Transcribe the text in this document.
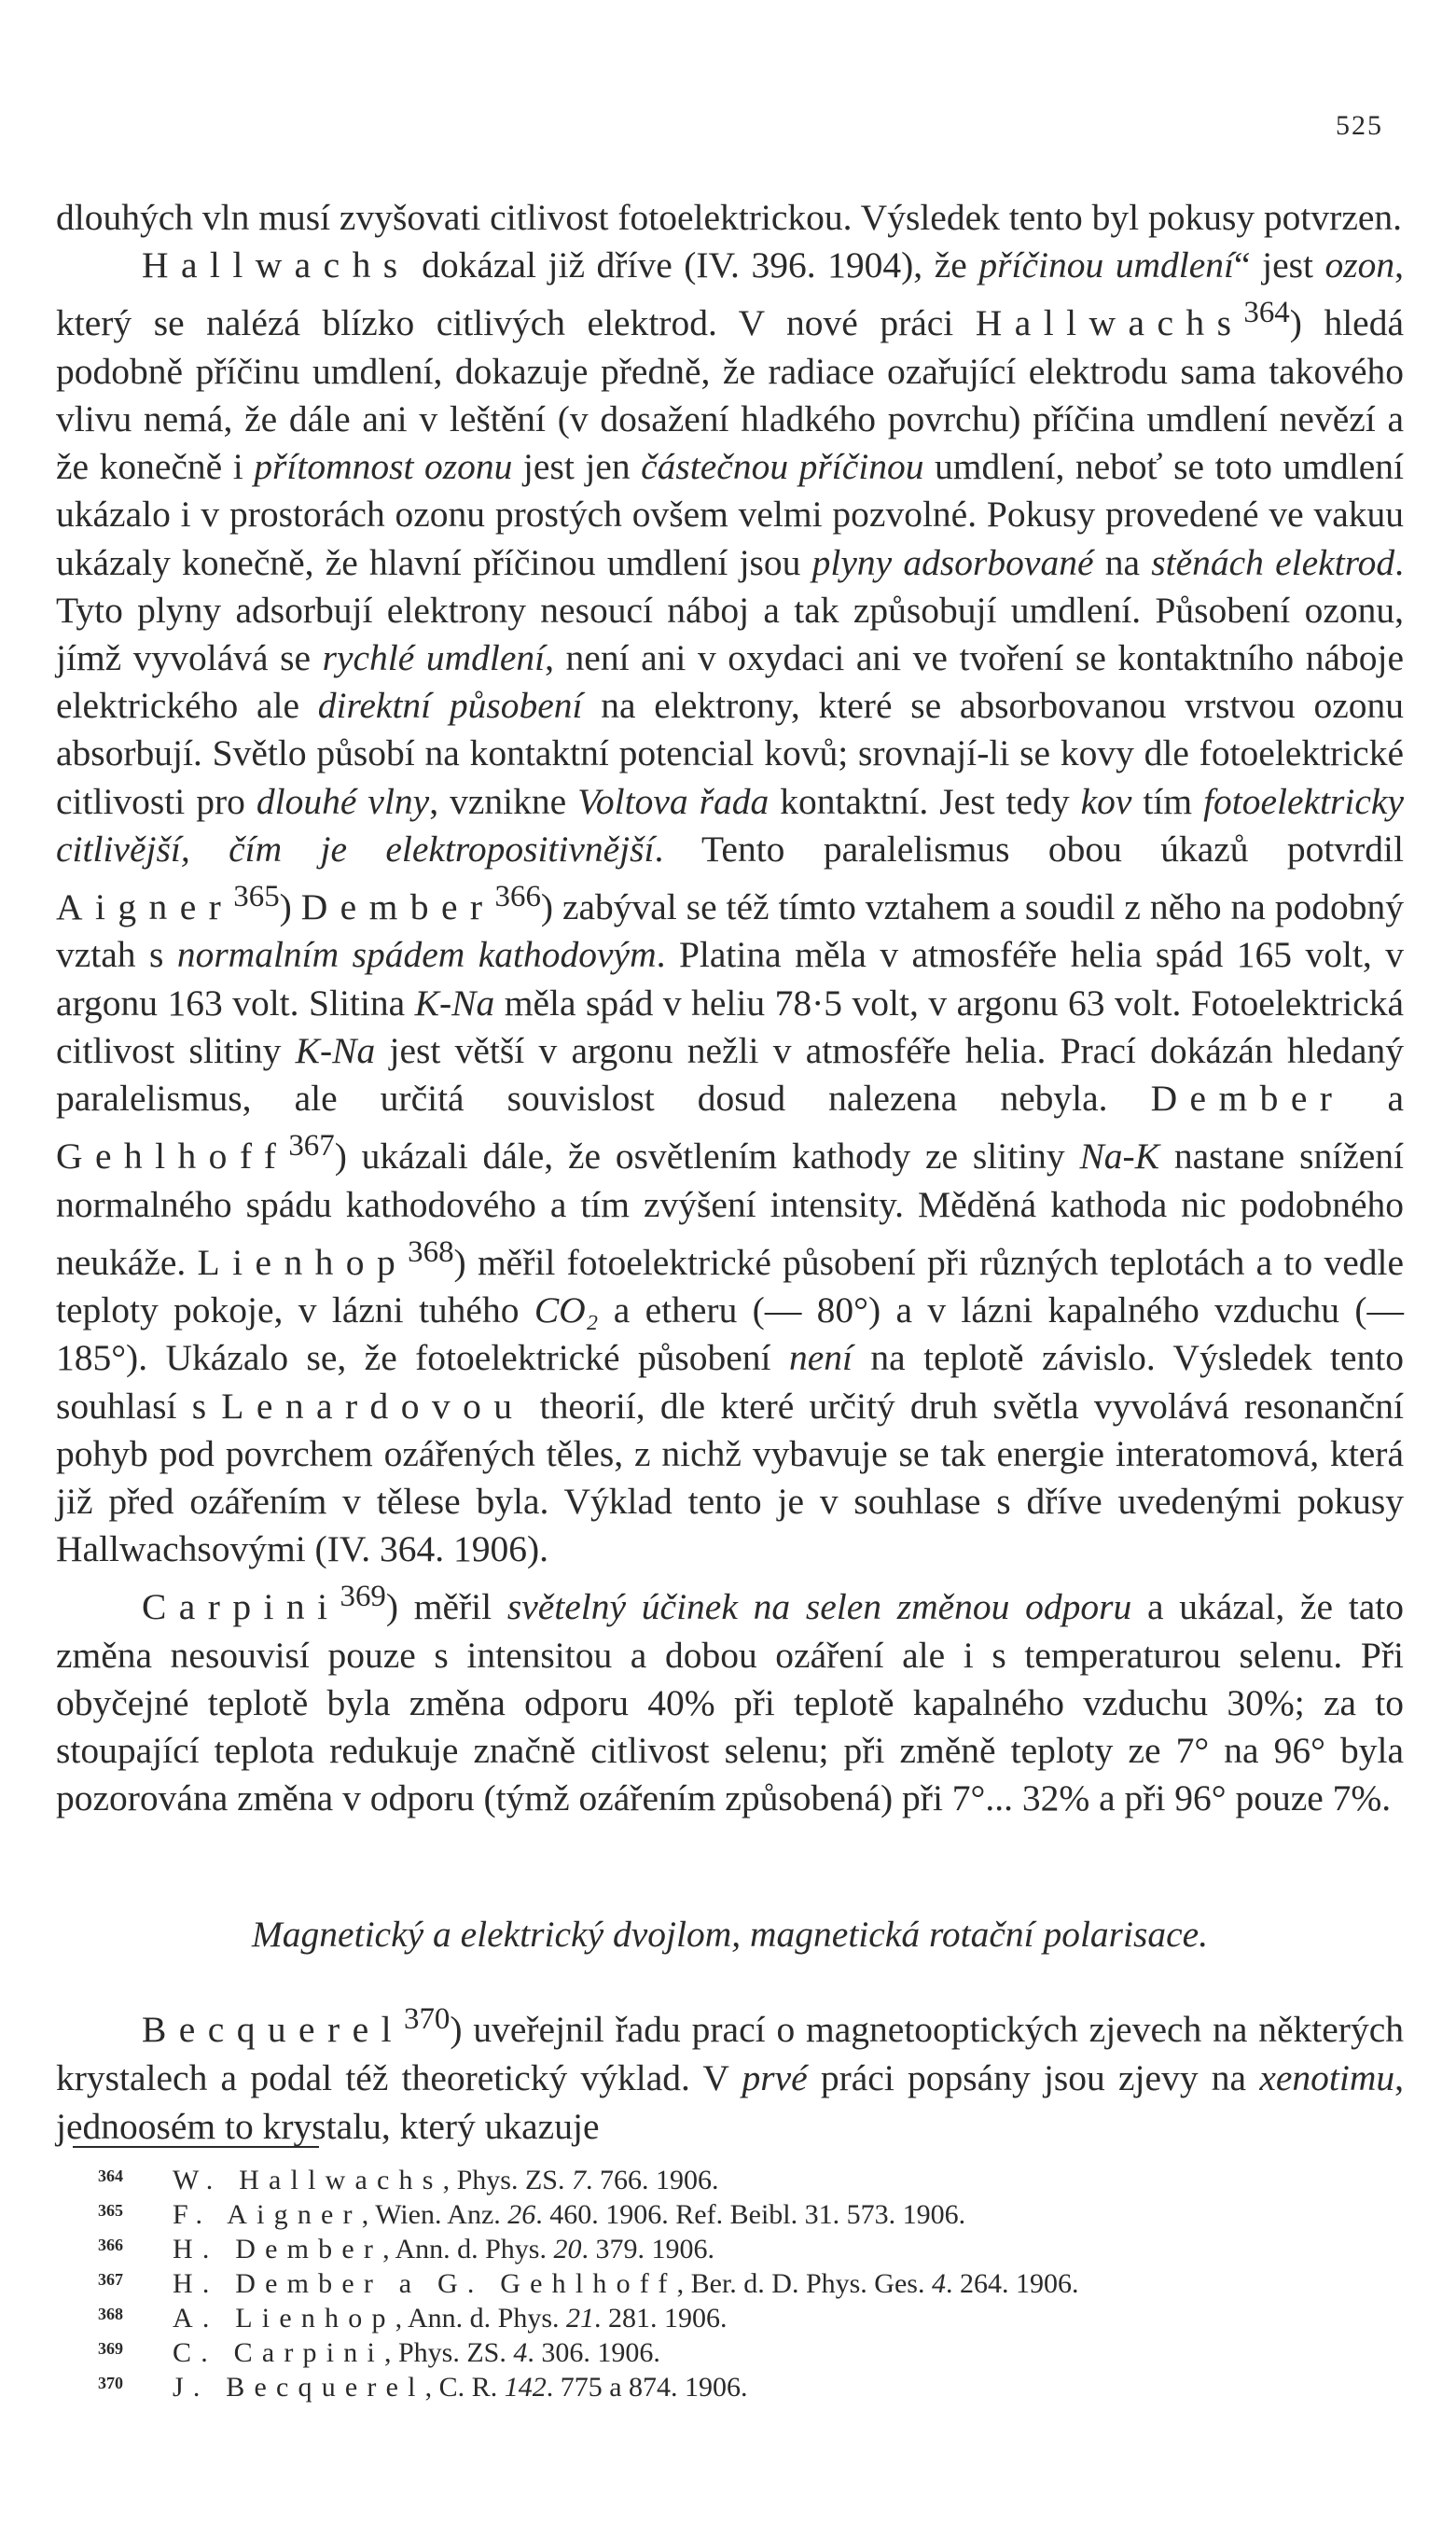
525

dlouhých vln musí zvyšovati citlivost fotoelektrickou. Výsledek tento byl pokusy potvrzen.

Hallwachs dokázal již dříve (IV. 396. 1904), že příčinou umdlení“ jest ozon, který se nalézá blízko citlivých elektrod. V nové práci Hallwachs$^{364}$) hledá podobně příčinu umdlení, dokazuje předně, že radiace ozařující elektrodu sama takového vlivu nemá, že dále ani v leštění (v dosažení hladkého povrchu) příčina umdlení nevězí a že konečně i přítomnost ozonu jest jen částečnou příčinou umdlení, neboť se toto umdlení ukázalo i v prostorách ozonu prostých ovšem velmi pozvolné. Pokusy provedené ve vakuu ukázaly konečně, že hlavní příčinou umdlení jsou plyny adsorbované na stěnách elektrod. Tyto plyny adsorbují elektrony nesoucí náboj a tak způsobují umdlení. Působení ozonu, jímž vyvolává se rychlé umdlení, není ani v oxydaci ani ve tvoření se kontaktního náboje elektrického ale direktní působení na elektrony, které se absorbovanou vrstvou ozonu absorbují. Světlo působí na kontaktní potencial kovů; srovnají-li se kovy dle fotoelektrické citlivosti pro dlouhé vlny, vznikne Voltova řada kontaktní. Jest tedy kov tím fotoelektricky citlivější, čím je elektropositivnější. Tento paralelismus obou úkazů potvrdil Aigner$^{365}$) Dember$^{366}$) zabýval se též tímto vztahem a soudil z něho na podobný vztah s normalním spádem kathodovým. Platina měla v atmosféře helia spád 165 volt, v argonu 163 volt. Slitina K-Na měla spád v heliu 78·5 volt, v argonu 63 volt. Fotoelektrická citlivost slitiny K-Na jest větší v argonu nežli v atmosféře helia. Prací dokázán hledaný paralelismus, ale určitá souvislost dosud nalezena nebyla. Dember a Gehlhoff$^{367}$) ukázali dále, že osvětlením kathody ze slitiny Na-K nastane snížení normalného spádu kathodového a tím zvýšení intensity. Měděná kathoda nic podobného neukáže. Lienhop$^{368}$) měřil fotoelektrické působení při různých teplotách a to vedle teploty pokoje, v lázni tuhého CO₂ a etheru (— 80°) a v lázni kapalného vzduchu (— 185°). Ukázalo se, že fotoelektrické působení není na teplotě závislo. Výsledek tento souhlasí s Lenardovou theorií, dle které určitý druh světla vyvolává resonanční pohyb pod povrchem ozářených těles, z nichž vybavuje se tak energie interatomová, která již před ozářením v tělese byla. Výklad tento je v souhlase s dříve uvedenými pokusy Hallwachsovými (IV. 364. 1906).

Carpini$^{369}$) měřil světelný účinek na selen změnou odporu a ukázal, že tato změna nesouvisí pouze s intensitou a dobou ozáření ale i s temperaturou selenu. Při obyčejné teplotě byla změna odporu 40% při teplotě kapalného vzduchu 30%; za to stoupající teplota redukuje značně citlivost selenu; při změně teploty ze 7° na 96° byla pozorována změna v odporu (týmž ozářením způsobená) při 7°... 32% a při 96° pouze 7%.

Magnetický a elektrický dvojlom, magnetická rotační polarisace.

Becquerel$^{370}$) uveřejnil řadu prací o magnetooptických zjevech na některých krystalech a podal též theoretický výklad. V prvé práci popsány jsou zjevy na xenotimu, jednoosém to krystalu, který ukazuje

364 W. Hallwachs, Phys. ZS. 7. 766. 1906.
365 F. Aigner, Wien. Anz. 26. 460. 1906. Ref. Beibl. 31. 573. 1906.
366 H. Dember, Ann. d. Phys. 20. 379. 1906.
367 H. Dember a G. Gehlhoff, Ber. d. D. Phys. Ges. 4. 264. 1906.
368 A. Lienhop, Ann. d. Phys. 21. 281. 1906.
369 C. Carpini, Phys. ZS. 4. 306. 1906.
370 J. Becquerel, C. R. 142. 775 a 874. 1906.
